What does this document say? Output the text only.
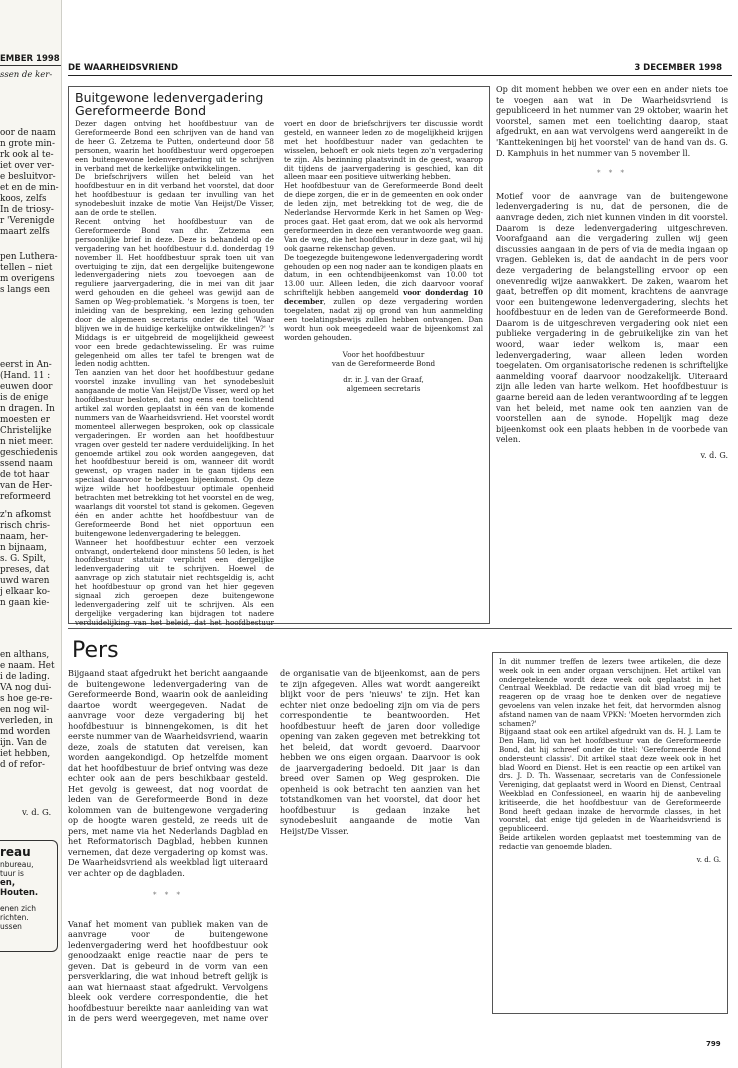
EMBER 1998
ssen de ker-
oor de naam
n grote min-
rk ook al te-
iet over ver-
e besluitvor-
et en de min-
koos, zelfs
In de triosy-
r 'Verenigde
maart zelfs
pen Luthera-
tellen – niet
m overigens
s langs een
eerst in An-
(Hand. 11 :
euwen door
is de enige
n dragen. In
moesten er
Christelijke
n niet meer.
geschiedenis
ssend naam
de tot haar
van de Her-
reformeerd
z'n afkomst
risch chris-
naam, her-
n bijnaam,
s. G. Spilt,
preses, dat
uwd waren
j elkaar ko-
n gaan kie-
en althans,
e naam. Het
i de lading.
VA nog dui-
s hoe ge-re-
en nog wil-
verleden, in
md worden
ijn. Van de
iet hebben,
d of refor-
v. d. G.
reau
nbureau,
tuur is
en,
Houten.
enen zich
richten.
ussen
DE WAARHEIDSVRIEND	3 DECEMBER 1998
Buitgewone ledenvergadering Gereformeerde Bond

Dezer dagen ontving het hoofdbestuur van de Gereformeerde Bond een schrijven van de hand van de heer G. Zetzema te Putten, onderteund door 58 personen, waarin het hoofdbestuur werd opgeroepen een buitengewone ledenvergadering uit te schrijven in verband met de kerkelijke ontwikkelingen.

De briefschrijvers willen het beleid van het hoofdbestuur en in dit verband het voorstel, dat door het hoofdbestuur is gedaan ter invulling van het synodebesluit inzake de motie Van Heijst/De Visser, aan de orde te stellen.

Recent ontving het hoofdbestuur van de Gereformeerde Bond van dhr. Zetzema een persoonlijke brief in deze. Deze is behandeld op de vergadering van het hoofdbestuur d.d. donderdag 19 november ll. Het hoofdbestuur sprak toen uit van overtuiging te zijn, dat een dergelijke buitengewone ledenvergadering niets zou toevoegen aan de reguliere jaarvergadering, die in mei van dit jaar werd gehouden en die geheel was gewijd aan de Samen op Weg-problematiek. 's Morgens is toen, ter inleiding van de bespreking, een lezing gehouden door de algemeen secretaris onder de titel 'Waar blijven we in de huidige kerkelijke ontwikkelingen?' 's Middags is er uitgebreid de mogelijkheid geweest voor een brede gedachtewisseling. Er was ruime gelegenheid om alles ter tafel te brengen wat de leden nodig achtten.

Ten aanzien van het door het hoofdbestuur gedane voorstel inzake invulling van het synodebesluit aangaande de motie Van Heijst/De Visser, werd op het hoofdbestuur besloten, dat nog eens een toelichtend artikel zal worden geplaatst in één van de komende nummers van de Waarheidsvriend. Het voorstel wordt momenteel allerwegen besproken, ook op classicale vergaderingen. Er worden aan het hoofdbestuur vragen over gesteld ter nadere verduidelijking. In het genoemde artikel zou ook worden aangegeven, dat het hoofdbestuur bereid is om, wanneer dit wordt gewenst, op vragen nader in te gaan tijdens een speciaal daarvoor te beleggen bijeenkomst. Op deze wijze wilde het hoofdbestuur optimale openheid betrachten met betrekking tot het voorstel en de weg, waarlangs dit voorstel tot stand is gekomen. Gegeven één en ander achtte het hoofdbestuur van de Gereformeerde Bond het niet opportuun een buitengewone ledenvergadering te beleggen.

Wanneer het hoofdbestuur echter een verzoek ontvangt, ondertekend door minstens 50 leden, is het hoofdbestuur statutair verplicht een dergelijke ledenvergadering uit te schrijven. Hoewel de aanvrage op zich statutair niet rechtsgeldig is, acht het hoofdbestuur op grond van het hier gegeven signaal zich geroepen deze buitengewone ledenvergadering zelf uit te schrijven. Als een dergelijke vergadering kan bijdragen tot nadere verduidelijking van het beleid, dat het hoofdbestuur voert en door de briefschrijvers ter discussie wordt gesteld, en wanneer leden zo de mogelijkheid krijgen met het hoofdbestuur nader van gedachten te wisselen, behoeft er ook niets tegen zo'n vergadering te zijn. Als bezinning plaatsvindt in de geest, waarop dit tijdens de jaarvergadering is geschied, kan dit alleen maar een positieve uitwerking hebben.

Het hoofdbestuur van de Gereformeerde Bond deelt de diepe zorgen, die er in de gemeenten en ook onder de leden zijn, met betrekking tot de weg, die de Nederlandse Hervormde Kerk in het Samen op Weg-proces gaat. Het gaat erom, dat we ook als hervormd gereformeerden in deze een verantwoorde weg gaan. Van de weg, die het hoofdbestuur in deze gaat, wil hij ook gaarne rekenschap geven.

De toegezegde buitengewone ledenvergadering wordt gehouden op een nog nader aan te kondigen plaats en datum, in een ochtendbijeenkomst van 10.00 tot 13.00 uur. Alleen leden, die zich daarvoor vooraf schriftelijk hebben aangemeld voor donderdag 10 december, zullen op deze vergadering worden toegelaten, nadat zij op grond van hun aanmelding een toelatingsbewijs zullen hebben ontvangen. Dan wordt hun ook meegedeeld waar de bijeenkomst zal worden gehouden.

Voor het hoofdbestuur
van de Gereformeerde Bond
dr. ir. J. van der Graaf,
algemeen secretaris

Op dit moment hebben we over een en ander niets toe te voegen aan wat in De Waarheidsvriend is gepubliceerd in het nummer van 29 oktober, waarin het voorstel, samen met een toelichting daarop, staat afgedrukt, en aan wat vervolgens werd aangereikt in de 'Kanttekeningen bij het voorstel' van de hand van ds. G. D. Kamphuis in het nummer van 5 november ll.

* * *

Motief voor de aanvrage van de buitengewone ledenvergadering is nu, dat de personen, die de aanvrage deden, zich niet kunnen vinden in dit voorstel. Daarom is deze ledenvergadering uitgeschreven. Voorafgaand aan die vergadering zullen wij geen discussies aangaan in de pers of via de media ingaan op vragen. Gebleken is, dat de aandacht in de pers voor deze vergadering de belangstelling ervoor op een onevenredig wijze aanwakkert. De zaken, waarom het gaat, betreffen op dit moment, krachtens de aanvrage voor een buitengewone ledenvergadering, slechts het hoofdbestuur en de leden van de Gereformeerde Bond. Daarom is de uitgeschreven vergadering ook niet een publieke vergadering in de gebruikelijke zin van het woord, waar ieder welkom is, maar een ledenvergadering, waar alleen leden worden toegelaten. Om organisatorische redenen is schriftelijke aanmelding vooraf daarvoor noodzakelijk. Uiteraard zijn alle leden van harte welkom. Het hoofdbestuur is gaarne bereid aan de leden verantwoording af te leggen van het beleid, met name ook ten aanzien van de voorstellen aan de synode. Hopelijk mag deze bijeenkomst ook een plaats hebben in de voorbede van velen.

v. d. G.
Pers

Bijgaand staat afgedrukt het bericht aangaande de buitengewone ledenvergadering van de Gereformeerde Bond, waarin ook de aanleiding daartoe wordt weergegeven. Nadat de aanvrage voor deze vergadering bij het hoofdbestuur is binnengekomen, is dit het eerste nummer van de Waarheidsvriend, waarin deze, zoals de statuten dat vereisen, kan worden aangekondigd. Op hetzelfde moment dat het hoofdbestuur de brief ontving was deze echter ook aan de pers beschikbaar gesteld. Het gevolg is geweest, dat nog voordat de leden van de Gereformeerde Bond in deze kolommen van de buitengewone vergadering op de hoogte waren gesteld, ze reeds uit de pers, met name via het Nederlands Dagblad en het Reformatorisch Dagblad, hebben kunnen vernemen, dat deze vergadering op komst was. De Waarheidsvriend als weekblad ligt uiteraard ver achter op de dagbladen.

* * *

Vanaf het moment van publiek maken van de aanvrage voor de buitengewone ledenvergadering werd het hoofdbestuur ook genoodzaakt enige reactie naar de pers te geven. Dat is gebeurd in de vorm van een persverklaring, die wat inhoud betreft gelijk is aan wat hiernaast staat afgedrukt. Vervolgens bleek ook verdere correspondentie, die het hoofdbestuur bereikte naar aanleiding van wat in de pers werd weergegeven, met name over de organisatie van de bijeenkomst, aan de pers te zijn afgegeven. Alles wat wordt aangereikt blijkt voor de pers 'nieuws' te zijn. Het kan echter niet onze bedoeling zijn om via de pers correspondentie te beantwoorden. Het hoofdbestuur heeft de jaren door volledige opening van zaken gegeven met betrekking tot het beleid, dat wordt gevoerd. Daarvoor hebben we ons eigen orgaan. Daarvoor is ook de jaarvergadering bedoeld. Dit jaar is dan breed over Samen op Weg gesproken. Die openheid is ook betracht ten aanzien van het totstandkomen van het voorstel, dat door het hoofdbestuur is gedaan inzake het synodebesluit aangaande de motie Van Heijst/De Visser.

In dit nummer treffen de lezers twee artikelen, die deze week ook in een ander orgaan verschijnen. Het artikel van ondergetekende wordt deze week ook geplaatst in het Centraal Weekblad. De redactie van dit blad vroeg mij te reageren op de vraag hoe te denken over de negatieve gevoelens van velen inzake het feit, dat hervormden alsnog afstand namen van de naam VPKN: 'Moeten hervormden zich schamen?'

Bijgaand staat ook een artikel afgedrukt van ds. H. J. Lam te Den Ham, lid van het hoofdbestuur van de Gereformeerde Bond, dat hij schreef onder de titel: 'Gereformeerde Bond ondersteunt classis'. Dit artikel staat deze week ook in het blad Woord en Dienst. Het is een reactie op een artikel van drs. J. D. Th. Wassenaar, secretaris van de Confessionele Vereniging, dat geplaatst werd in Woord en Dienst, Centraal Weekblad en Confessioneel, en waarin hij de aanbeveling kritiseerde, die het hoofdbestuur van de Gereformeerde Bond heeft gedaan inzake de hervormde classes, in het voorstel, dat enige tijd geleden in de Waarheidsvriend is gepubliceerd.

Beide artikelen worden geplaatst met toestemming van de redactie van genoemde bladen.

v. d. G.
799
